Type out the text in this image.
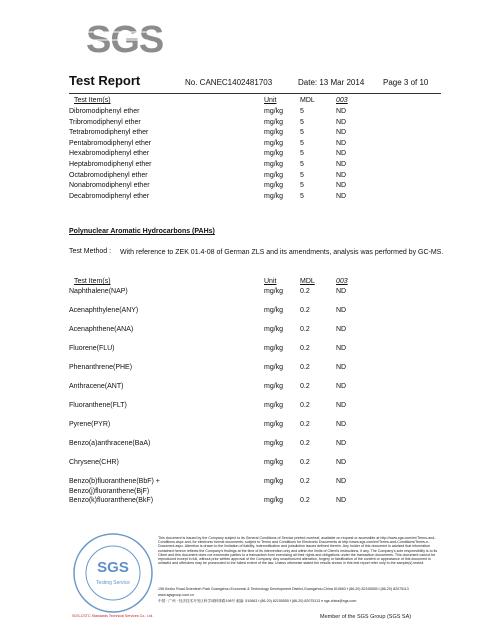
SGS
Test Report	No. CANEC1402481703	Date: 13 Mar 2014 Page 3 of 10
Test Item(s)	Unit	MDL	003
Dibromodiphenyl ether	mg/kg 5	ND
Tribromodiphenyl ether	mg/kg 5	ND
Tetrabromodiphenyl ether	mg/kg 5	ND
Pentabromodiphenyl ether	mg/kg 5	ND
Hexabromodiphenyl ether	mg/kg 5	ND
Heptabromodiphenyl ether	mg/kg 5	ND
Octabromodiphenyl ether	mg/kg 5	ND
Nonabromodiphenyl ether	mg/kg 5	ND
Decabromodiphenyl ether	mg/kg 5	ND
Polynuclear Aromatic Hydrocarbons (PAHs)
Test Method : With reference to ZEK 01.4-08 of German ZLS and its amendments, analysis was performed by GC-MS.
Test Item(s)	Unit	MDL	003
Naphthalene(NAP)	mg/kg 0.2	ND
Acenaphthylene(ANY)	mg/kg 0.2	ND
Acenaphthene(ANA)	mg/kg 0.2	ND
Fluorene(FLU)	mg/kg 0.2	ND
Phenanthrene(PHE)	mg/kg 0.2	ND
Anthracene(ANT)	mg/kg 0.2	ND
Fluoranthene(FLT)	mg/kg 0.2	ND
Pyrene(PYR)	mg/kg 0.2	ND
Benzo(a)anthracene(BaA)	mg/kg 0.2	ND
Chrysene(CHR)	mg/kg 0.2	ND
Benzo(b)fluoranthene(BbF) +	mg/kg 0.2	ND
Benzo(j)fluoranthene(BjF)
Benzo(k)fluoranthene(BkF)	mg/kg 0.2	ND
SGS
Testing Service
This document is issued by the Company subject to its General Conditions of Service printed overleaf, available on request or accessible at http://www.sgs.com/en/Terms-and-Conditions.aspx and, for electronic format documents, subject to Terms and Conditions for Electronic Documents at http://www.sgs.com/en/Terms-and-Conditions/Terms-e-Document.aspx. Attention is drawn to the limitation of liability, indemnification and jurisdiction issues defined therein. Any holder of this document is advised that information contained hereon reflects the Company's findings at the time of its intervention only and within the limits of Client's instructions, if any. The Company's sole responsibility is to its Client and this document does not exonerate parties to a transaction from exercising all their rights and obligations under the transaction documents. This document cannot be reproduced except in full, without prior written approval of the Company. Any unauthorized alteration, forgery or falsification of the content or appearance of this document is unlawful and offenders may be prosecuted to the fullest extent of the law. Unless otherwise stated the results shown in this test report refer only to the sample(s) tested.
198 Kezhu Road,Scientech Park Guangzhou Economic & Technology Development District,Guangzhou,China 510663 t (86-20) 82155555 f (86-20) 82075113 www.sgsgroup.com.cn
中国 · 广州 · 经济技术开发区科学城科珠路198号 邮编: 510663 t (86-20) 82155555 f (86-20) 82075113 e sgs.china@sgs.com
SGS-CSTC Standards Technical Services Co., Ltd.	Member of the SGS Group (SGS SA)
